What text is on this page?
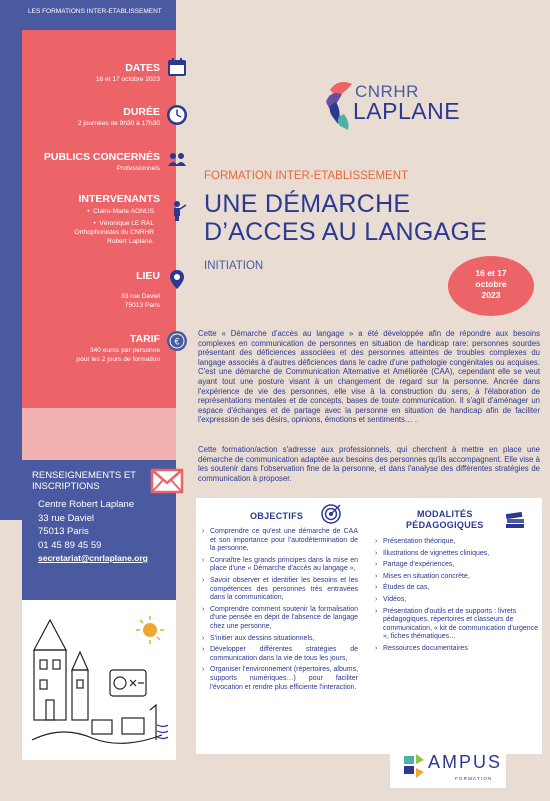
LES FORMATIONS INTER-ETABLISSEMENT
DATES
16 et 17 octobre 2023
DURÉE
2 journées de 9h30 à 17h30
PUBLICS CONCERNÉS
Professionnels
INTERVENANTS
•  Claire-Marie AGNUS
•  Véronique LE RAL
Orthophonistes du CNRHR
Robert Laplane.
LIEU
33 rue Daviel
75013 Paris
TARIF
340 euros par personne
pour les 2 jours de formation
€
RENSEIGNEMENTS ET INSCRIPTIONS
Centre Robert Laplane
33 rue Daviel
75013 Paris
01 45 89 45 59
secretariat@cnrlaplane.org
CNRHR
LAPLANE
FORMATION INTER-ETABLISSEMENT
UNE DÉMARCHE
D’ACCES AU LANGAGE
INITIATION
16 et 17
octobre
2023

Cette « Démarche d'accès au langage » a été développée afin de répondre aux besoins complexes en communication de personnes en situation de handicap rare: personnes sourdes présentant des déficiences associées et des personnes atteintes de troubles complexes du langage associés à d'autres déficiences dans le cadre d'une pathologie congénitales ou acquises. C'est une démarche de Communication Alternative et Améliorée (CAA), cependant elle se veut ayant tout une posture visant à un changement de regard sur la personne. Ancrée dans l'expérience de vie des personnes, elle vise à la construction du sens, à l'élaboration de représentations mentales et de concepts, bases de toute communication. Il s'agit d'aménager un espace d'échanges et de partage avec la personne en situation de handicap afin de faciliter l'expression de ses désirs, opinions, émotions et sentiments… .

Cette formation/action s'adresse aux professionnels, qui cherchent à mettre en place une démarche de communication adaptée aux besoins des personnes qu'ils accompagnent. Elle vise à les soutenir dans l'observation fine de la personne, et dans l'analyse des différentes stratégies de communication à proposer.

OBJECTIFS	MODALITÉS
PÉDAGOGIQUES
› Comprendre ce qu'est une démarche de CAA et son importance pour l'autodétermination de la personne,
› Connaître les grands principes dans la mise en place d'une « Démarche d'accès au langage »,
› Savoir observer et identifier les besoins et les compétences des personnes très entravées dans la communication,
› Comprendre comment soutenir la formalisation d'une pensée en dépit de l'absence de langage chez une personne,
› S'initier aux dessins situationnels,
› Développer différentes stratégies de communication dans la vie de tous les jours,
› Organiser l'environnement (répertoires, albums, supports numériques…) pour faciliter l'évocation et rendre plus efficiente l'interaction.
› Présentation théorique,
› Illustrations de vignettes cliniques,
› Partage d'expériences,
› Mises en situation concrète,
› Études de cas,
› Vidéos,
› Présentation d'outils et de supports : livrets pédagogiques, répertoires et classeurs de communication, « kit de communication d'urgence », fiches thématiques…
› Ressources documentaires
AMPUS
FORMATION
